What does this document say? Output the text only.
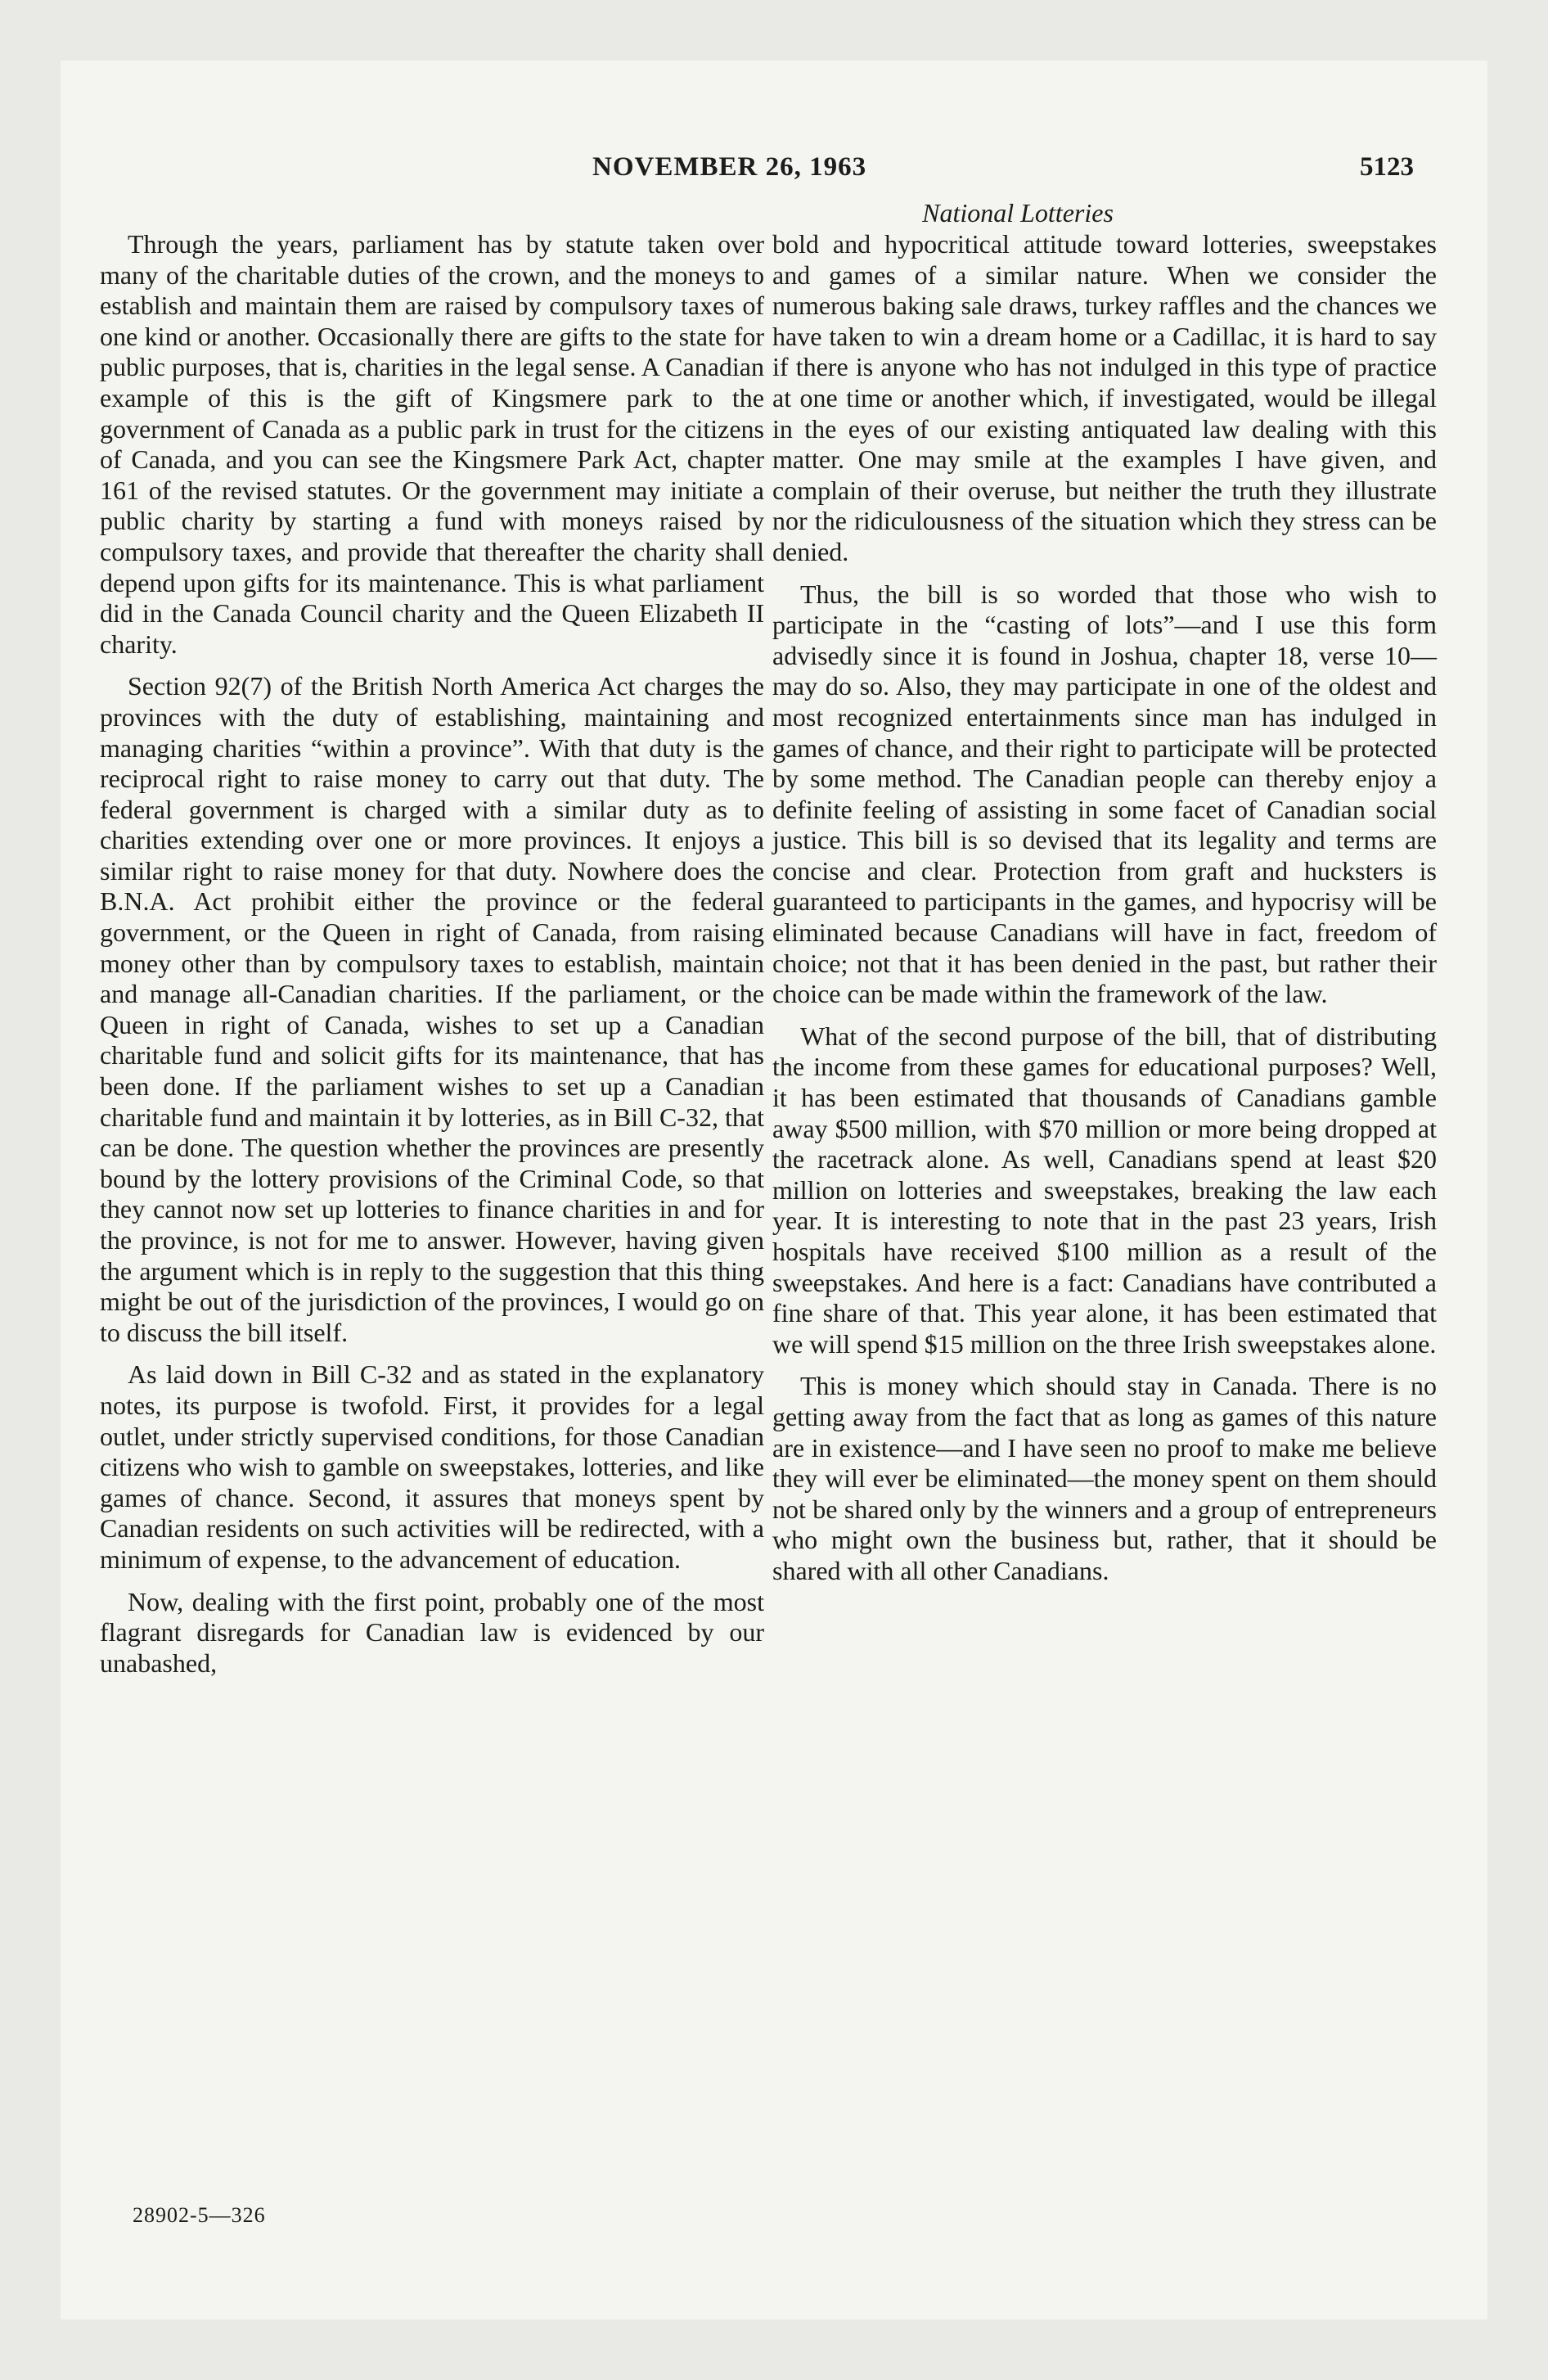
NOVEMBER 26, 1963	5123
National Lotteries

Through the years, parliament has by statute taken over many of the charitable duties of the crown, and the moneys to establish and maintain them are raised by compulsory taxes of one kind or another. Occasionally there are gifts to the state for public purposes, that is, charities in the legal sense. A Canadian example of this is the gift of Kingsmere park to the government of Canada as a public park in trust for the citizens of Canada, and you can see the Kingsmere Park Act, chapter 161 of the revised statutes. Or the government may initiate a public charity by starting a fund with moneys raised by compulsory taxes, and provide that thereafter the charity shall depend upon gifts for its maintenance. This is what parliament did in the Canada Council charity and the Queen Elizabeth II charity.

Section 92(7) of the British North America Act charges the provinces with the duty of establishing, maintaining and managing charities “within a province”. With that duty is the reciprocal right to raise money to carry out that duty. The federal government is charged with a similar duty as to charities extending over one or more provinces. It enjoys a similar right to raise money for that duty. Nowhere does the B.N.A. Act prohibit either the province or the federal government, or the Queen in right of Canada, from raising money other than by compulsory taxes to establish, maintain and manage all-Canadian charities. If the parliament, or the Queen in right of Canada, wishes to set up a Canadian charitable fund and solicit gifts for its maintenance, that has been done. If the parliament wishes to set up a Canadian charitable fund and maintain it by lotteries, as in Bill C-32, that can be done. The question whether the provinces are presently bound by the lottery provisions of the Criminal Code, so that they cannot now set up lotteries to finance charities in and for the province, is not for me to answer. However, having given the argument which is in reply to the suggestion that this thing might be out of the jurisdiction of the provinces, I would go on to discuss the bill itself.

As laid down in Bill C-32 and as stated in the explanatory notes, its purpose is twofold. First, it provides for a legal outlet, under strictly supervised conditions, for those Canadian citizens who wish to gamble on sweepstakes, lotteries, and like games of chance. Second, it assures that moneys spent by Canadian residents on such activities will be redirected, with a minimum of expense, to the advancement of education.

Now, dealing with the first point, probably one of the most flagrant disregards for Canadian law is evidenced by our unabashed,

bold and hypocritical attitude toward lotteries, sweepstakes and games of a similar nature. When we consider the numerous baking sale draws, turkey raffles and the chances we have taken to win a dream home or a Cadillac, it is hard to say if there is anyone who has not indulged in this type of practice at one time or another which, if investigated, would be illegal in the eyes of our existing antiquated law dealing with this matter. One may smile at the examples I have given, and complain of their overuse, but neither the truth they illustrate nor the ridiculousness of the situation which they stress can be denied.

Thus, the bill is so worded that those who wish to participate in the “casting of lots”—and I use this form advisedly since it is found in Joshua, chapter 18, verse 10—may do so. Also, they may participate in one of the oldest and most recognized entertainments since man has indulged in games of chance, and their right to participate will be protected by some method. The Canadian people can thereby enjoy a definite feeling of assisting in some facet of Canadian social justice. This bill is so devised that its legality and terms are concise and clear. Protection from graft and hucksters is guaranteed to participants in the games, and hypocrisy will be eliminated because Canadians will have in fact, freedom of choice; not that it has been denied in the past, but rather their choice can be made within the framework of the law.

What of the second purpose of the bill, that of distributing the income from these games for educational purposes? Well, it has been estimated that thousands of Canadians gamble away $500 million, with $70 million or more being dropped at the racetrack alone. As well, Canadians spend at least $20 million on lotteries and sweepstakes, breaking the law each year. It is interesting to note that in the past 23 years, Irish hospitals have received $100 million as a result of the sweepstakes. And here is a fact: Canadians have contributed a fine share of that. This year alone, it has been estimated that we will spend $15 million on the three Irish sweepstakes alone.

This is money which should stay in Canada. There is no getting away from the fact that as long as games of this nature are in existence—and I have seen no proof to make me believe they will ever be eliminated—the money spent on them should not be shared only by the winners and a group of entrepreneurs who might own the business but, rather, that it should be shared with all other Canadians.

28902-5—326
